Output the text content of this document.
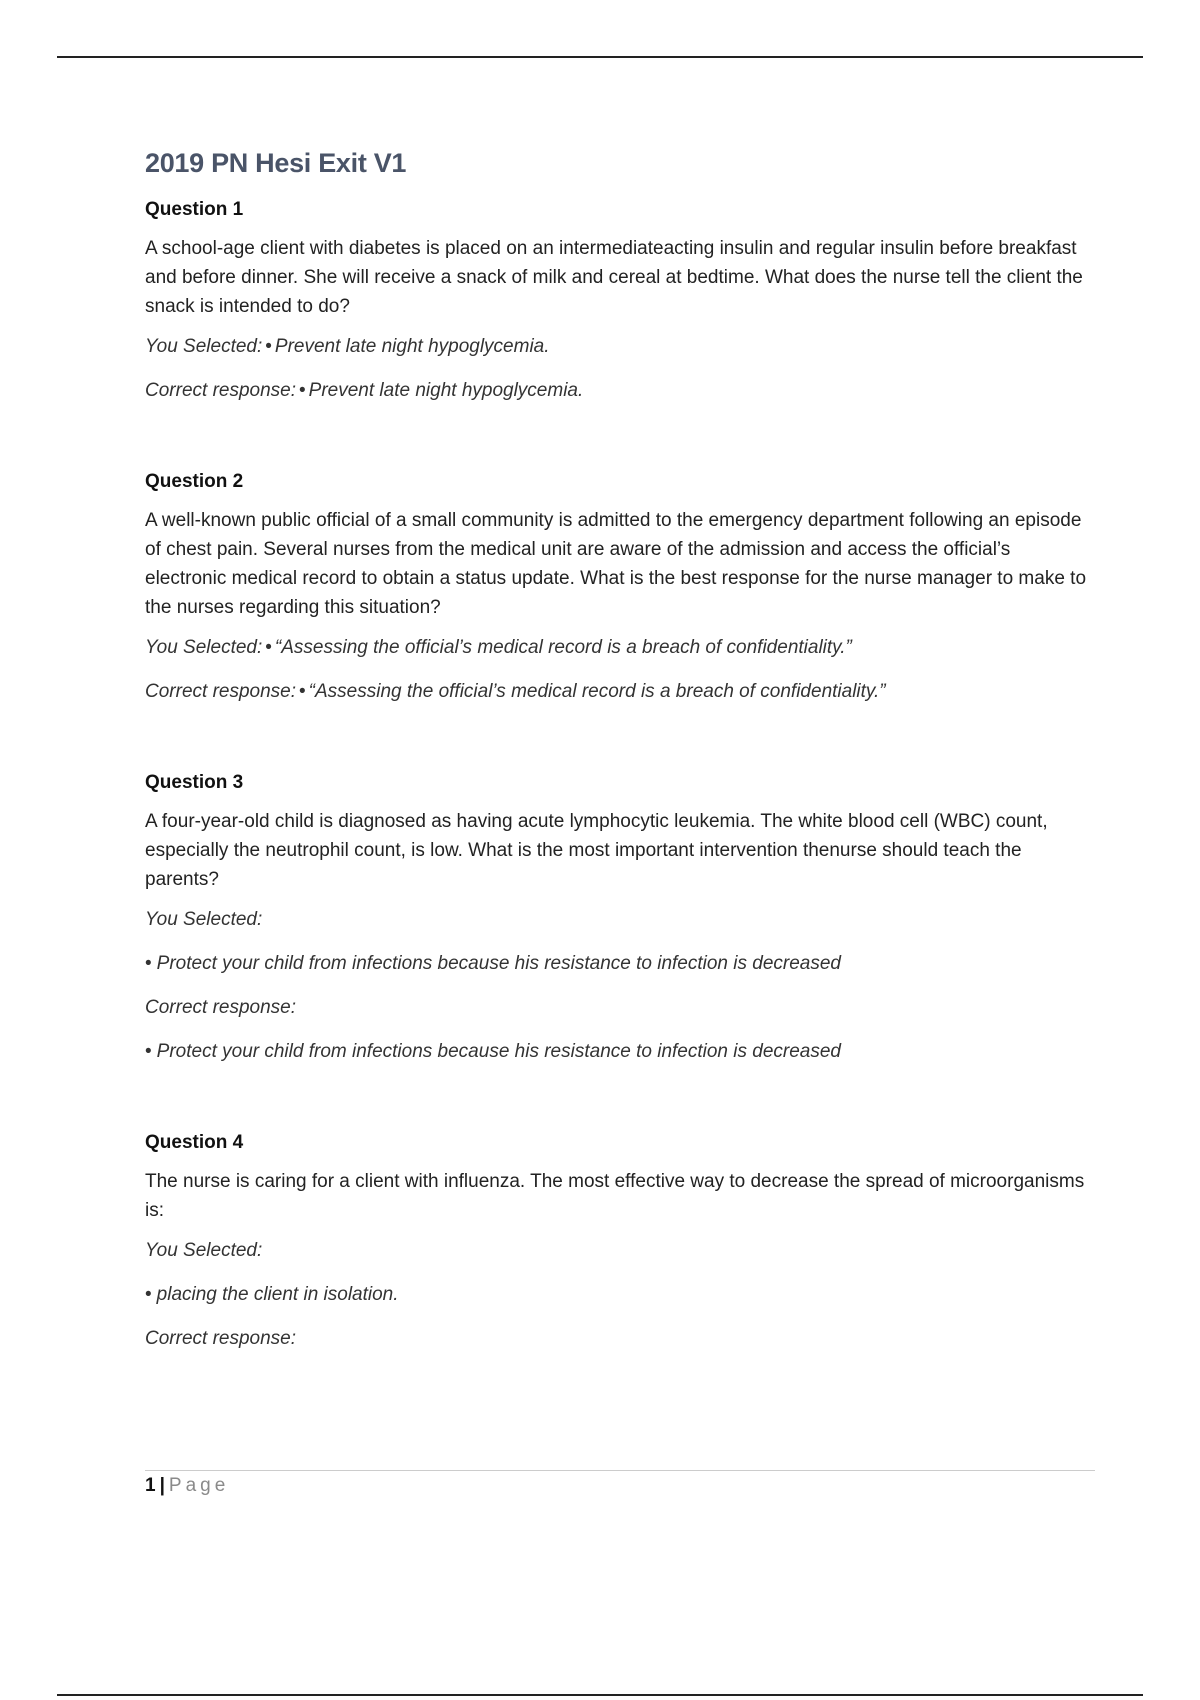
2019 PN Hesi Exit V1
Question 1
A school-age client with diabetes is placed on an intermediateacting insulin and regular insulin before breakfast and before dinner. She will receive a snack of milk and cereal at bedtime. What does the nurse tell the client the snack is intended to do?
You Selected: • Prevent late night hypoglycemia.
Correct response: • Prevent late night hypoglycemia.
Question 2
A well-known public official of a small community is admitted to the emergency department following an episode of chest pain. Several nurses from the medical unit are aware of the admission and access the official’s electronic medical record to obtain a status update. What is the best response for the nurse manager to make to the nurses regarding this situation?
You Selected: • “Assessing the official’s medical record is a breach of confidentiality.”
Correct response: • “Assessing the official’s medical record is a breach of confidentiality.”
Question 3
A four-year-old child is diagnosed as having acute lymphocytic leukemia. The white blood cell (WBC) count, especially the neutrophil count, is low. What is the most important intervention thenurse should teach the parents?
You Selected:
• Protect your child from infections because his resistance to infection is decreased
Correct response:
• Protect your child from infections because his resistance to infection is decreased
Question 4
The nurse is caring for a client with influenza. The most effective way to decrease the spread of microorganisms is:
You Selected:
• placing the client in isolation.
Correct response:
1 | Page
